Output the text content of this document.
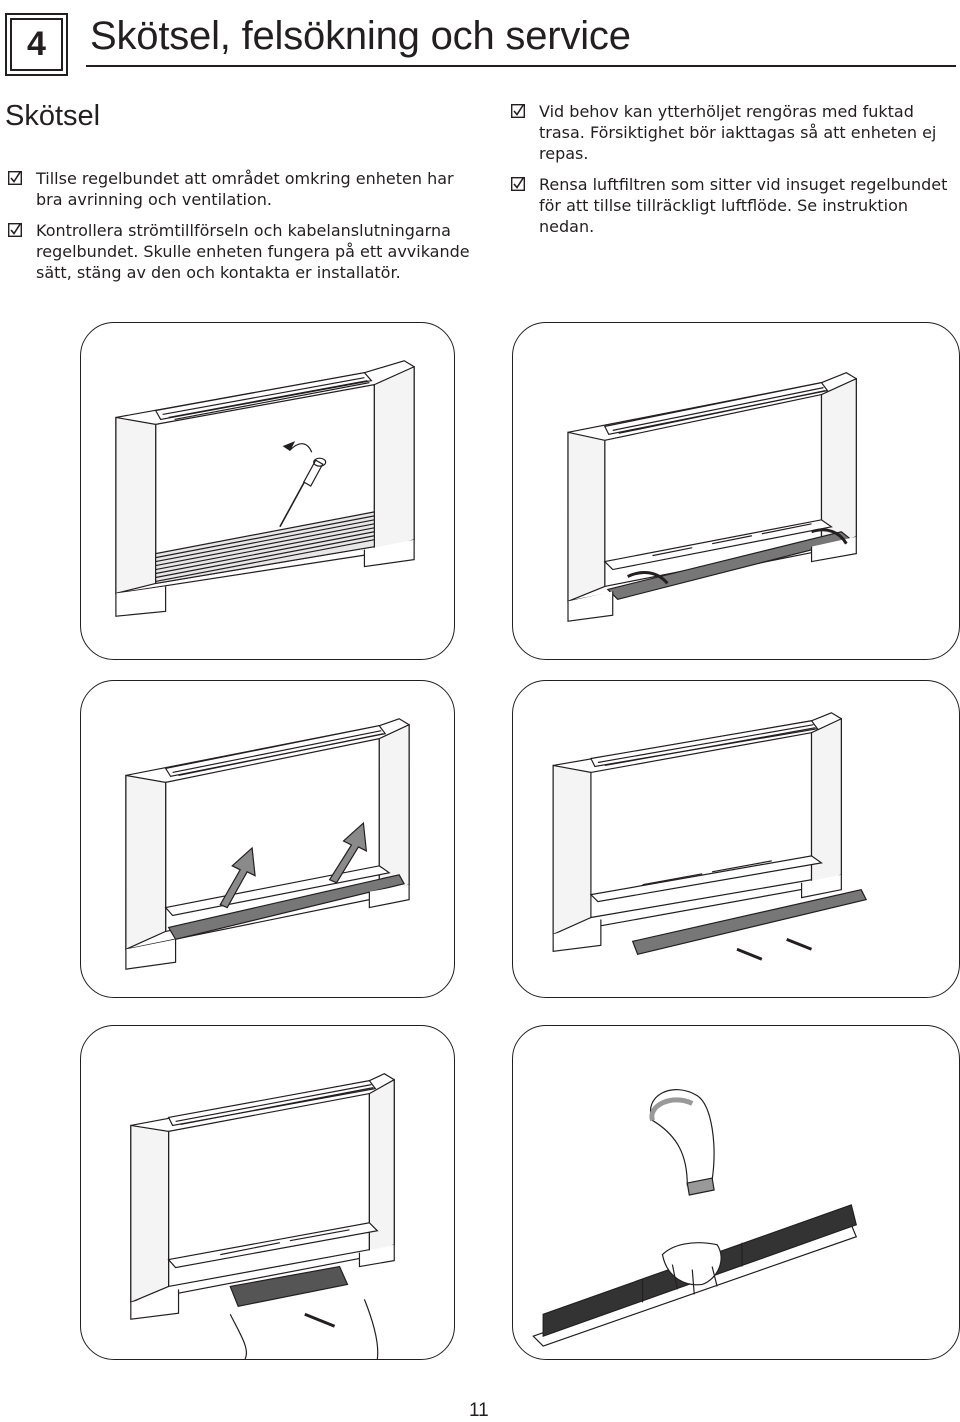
4 Skötsel, felsökning och service
Skötsel
Tillse regelbundet att området omkring enheten har bra avrinning och ventilation.
Kontrollera strömtillförseln och kabelanslutningarna regelbundet. Skulle enheten fungera på ett avvikande sätt, stäng av den och kontakta er installatör.
Vid behov kan ytterhöljet rengöras med fuktad trasa. Försiktighet bör iakttagas så att enheten ej repas.
Rensa luftfiltren som sitter vid insuget regelbundet för att tillse tillräckligt luftflöde. Se instruktion nedan.
11
